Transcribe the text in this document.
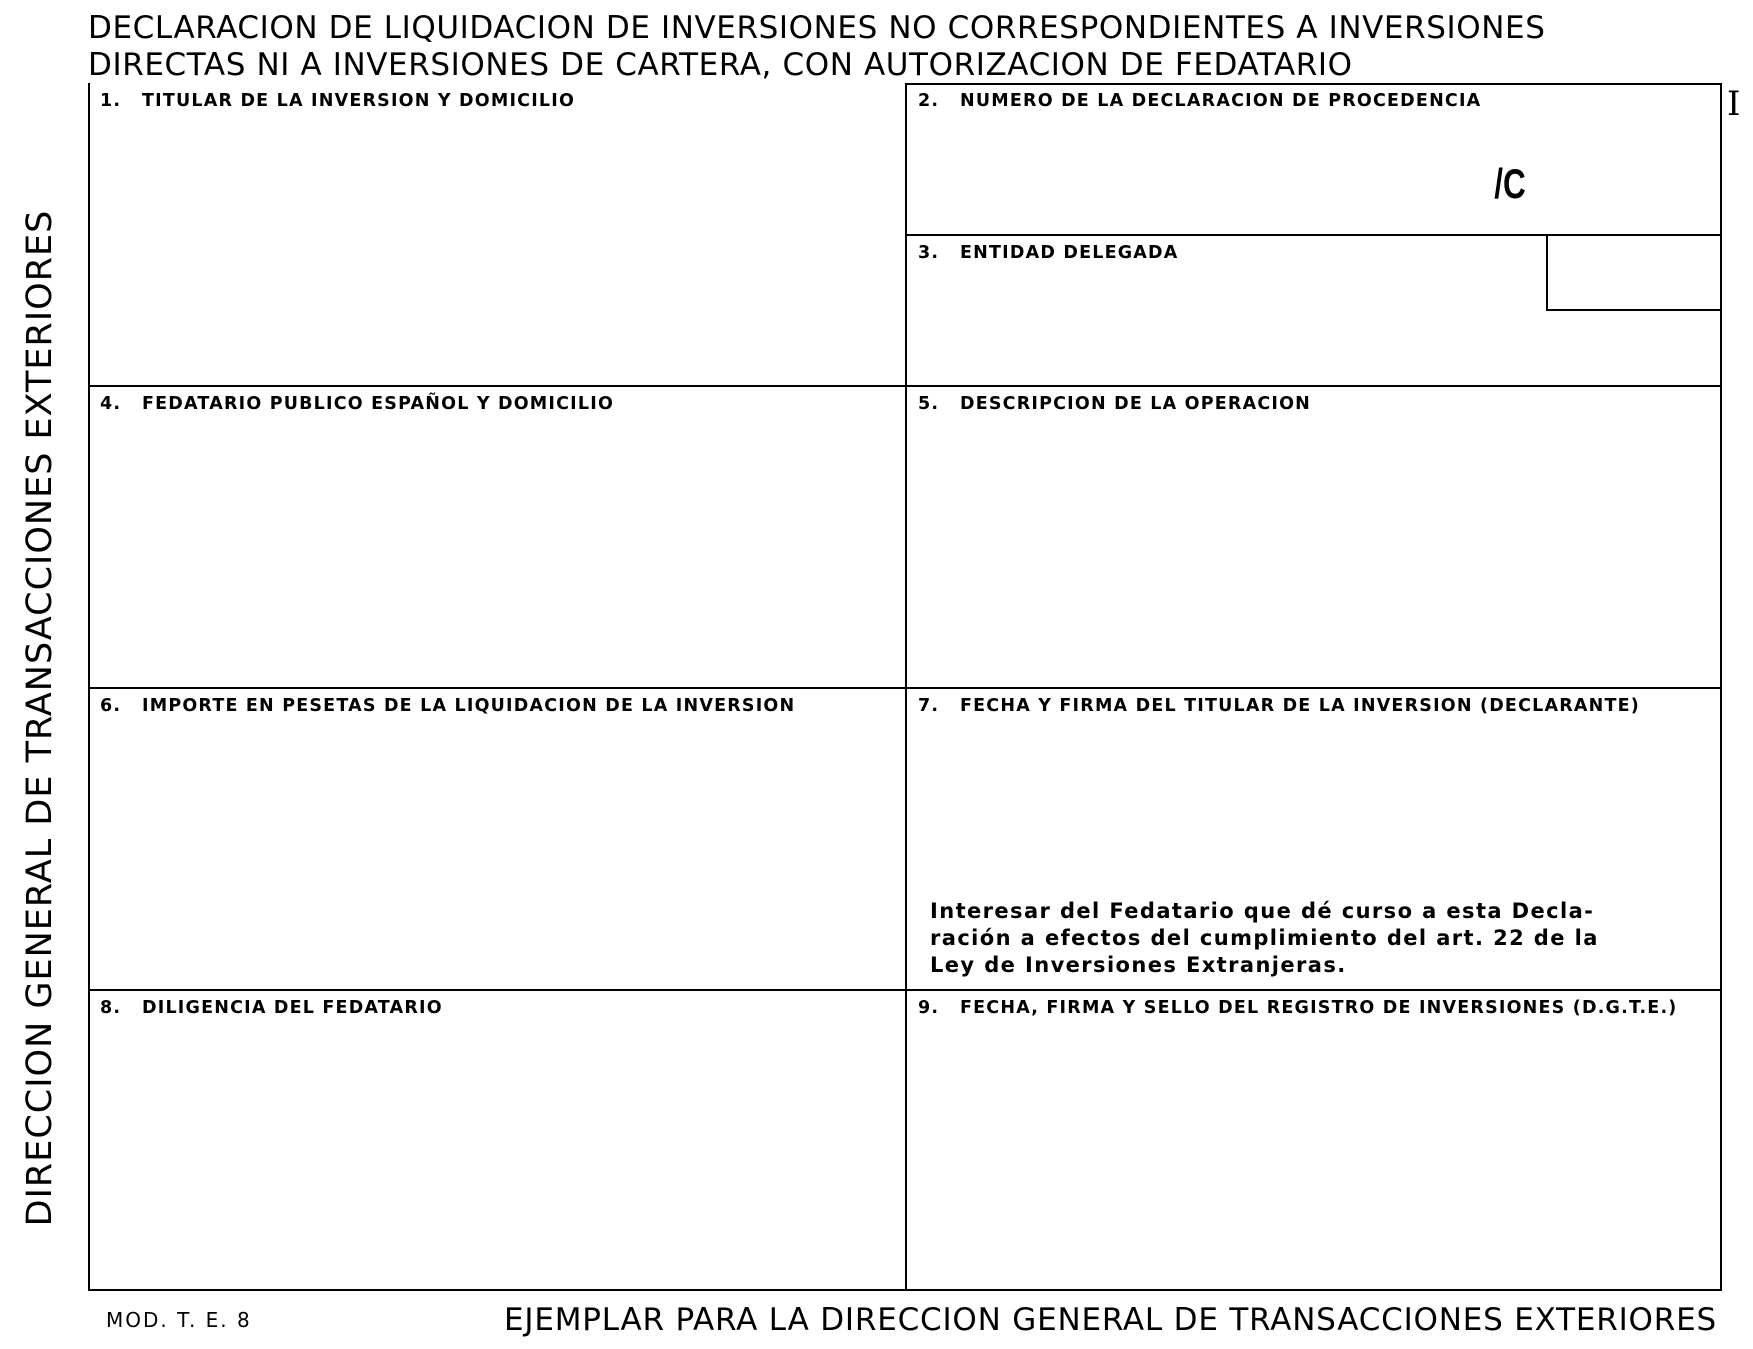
DECLARACION DE LIQUIDACION DE INVERSIONES NO CORRESPONDIENTES A INVERSIONES
DIRECTAS NI A INVERSIONES DE CARTERA, CON AUTORIZACION DE FEDATARIO
DIRECCION GENERAL DE TRANSACCIONES EXTERIORES
I
1. TITULAR DE LA INVERSION Y DOMICILIO	2. NUMERO DE LA DECLARACION DE PROCEDENCIA
/C
3. ENTIDAD DELEGADA
4. FEDATARIO PUBLICO ESPAÑOL Y DOMICILIO	5. DESCRIPCION DE LA OPERACION
6. IMPORTE EN PESETAS DE LA LIQUIDACION DE LA INVERSION	7. FECHA Y FIRMA DEL TITULAR DE LA INVERSION (DECLARANTE)
Interesar del Fedatario que dé curso a esta Decla-
ración a efectos del cumplimiento del art. 22 de la
Ley de Inversiones Extranjeras.
8. DILIGENCIA DEL FEDATARIO	9. FECHA, FIRMA Y SELLO DEL REGISTRO DE INVERSIONES (D.G.T.E.)
MOD. T. E. 8	EJEMPLAR PARA LA DIRECCION GENERAL DE TRANSACCIONES EXTERIORES
